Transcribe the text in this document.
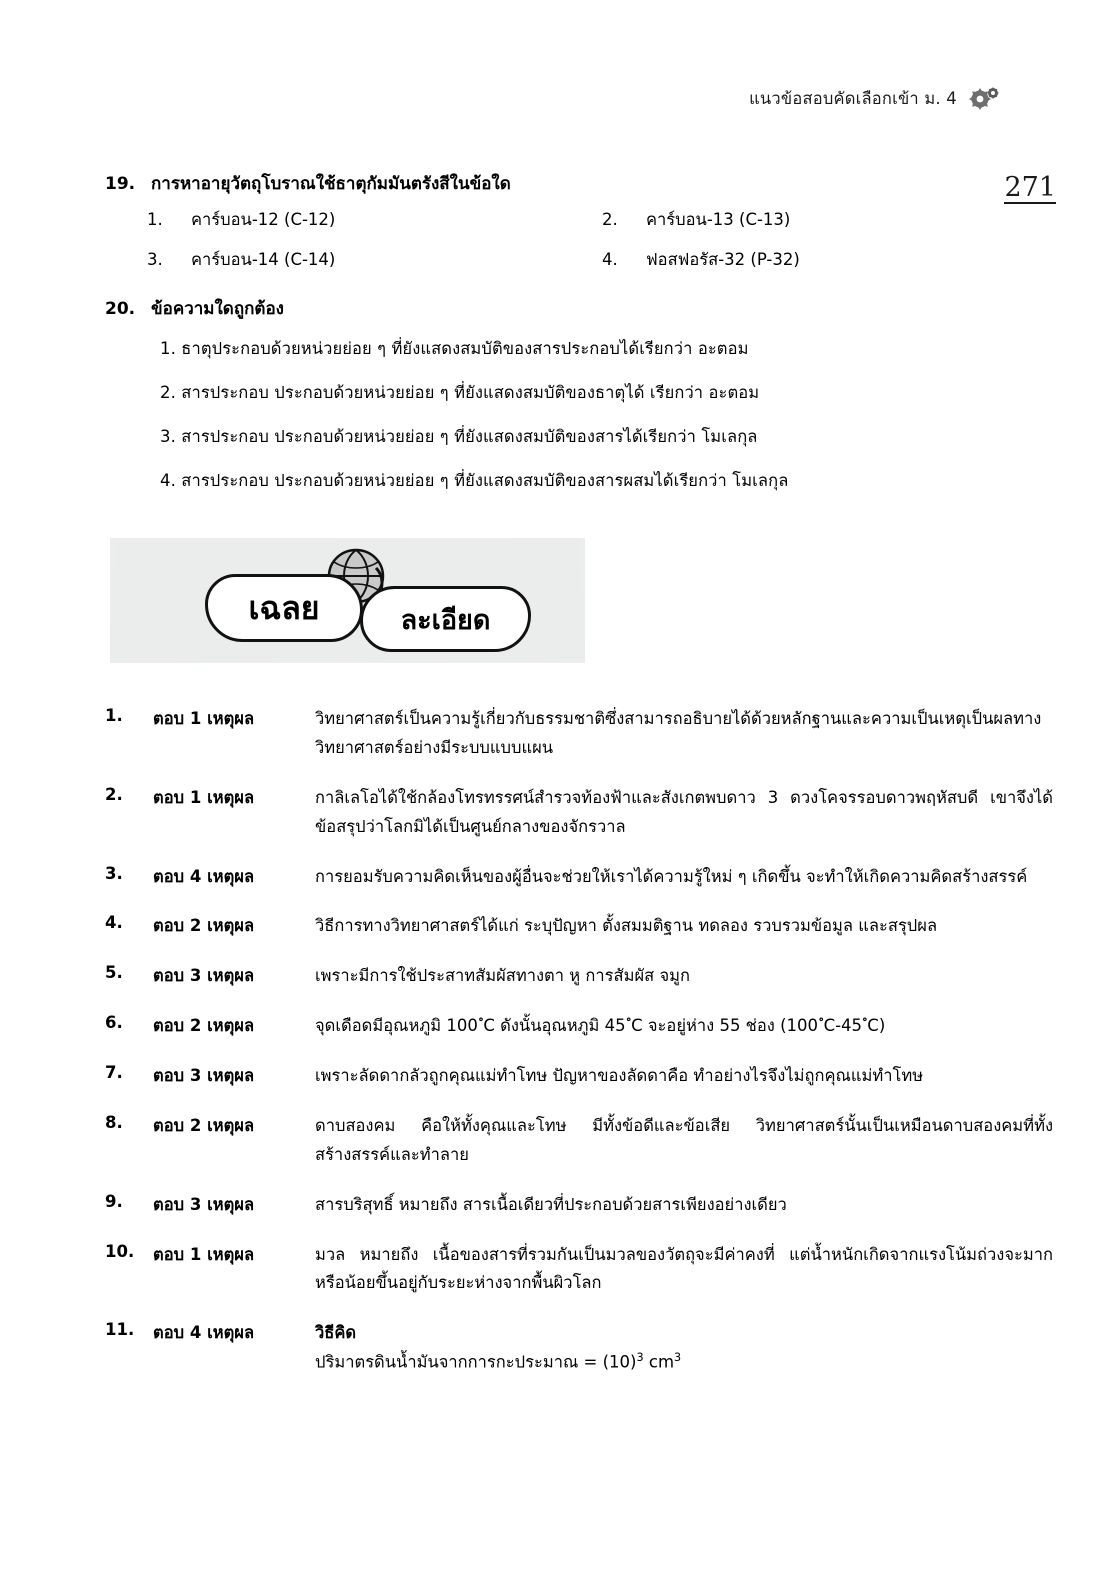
แนวข้อสอบคัดเลือกเข้า ม. 4
271
19. การหาอายุวัตถุโบราณใช้ธาตุกัมมันตรังสีในข้อใด
1.	คาร์บอน-12 (C-12)	2.	คาร์บอน-13 (C-13)
3.	คาร์บอน-14 (C-14)	4.	ฟอสฟอรัส-32 (P-32)
20. ข้อความใดถูกต้อง
1. ธาตุประกอบด้วยหน่วยย่อย ๆ ที่ยังแสดงสมบัติของสารประกอบได้เรียกว่า อะตอม
2. สารประกอบ ประกอบด้วยหน่วยย่อย ๆ ที่ยังแสดงสมบัติของธาตุได้ เรียกว่า อะตอม
3. สารประกอบ ประกอบด้วยหน่วยย่อย ๆ ที่ยังแสดงสมบัติของสารได้เรียกว่า โมเลกุล
4. สารประกอบ ประกอบด้วยหน่วยย่อย ๆ ที่ยังแสดงสมบัติของสารผสมได้เรียกว่า โมเลกุล
เฉลย	ละเอียด
1.	ตอบ 1 เหตุผล	วิทยาศาสตร์เป็นความรู้เกี่ยวกับธรรมชาติซึ่งสามารถอธิบายได้ด้วยหลักฐานและความเป็นเหตุเป็นผลทางวิทยาศาสตร์อย่างมีระบบแบบแผน
2.	ตอบ 1 เหตุผล	กาลิเลโอได้ใช้กล้องโทรทรรศน์สำรวจท้องฟ้าและสังเกตพบดาว 3 ดวงโคจรรอบดาวพฤหัสบดี เขาจึงได้ข้อสรุปว่าโลกมิได้เป็นศูนย์กลางของจักรวาล
3.	ตอบ 4 เหตุผล	การยอมรับความคิดเห็นของผู้อื่นจะช่วยให้เราได้ความรู้ใหม่ ๆ เกิดขึ้น จะทำให้เกิดความคิดสร้างสรรค์
4.	ตอบ 2 เหตุผล	วิธีการทางวิทยาศาสตร์ได้แก่ ระบุปัญหา ตั้งสมมติฐาน ทดลอง รวบรวมข้อมูล และสรุปผล
5.	ตอบ 3 เหตุผล	เพราะมีการใช้ประสาทสัมผัสทางตา หู การสัมผัส จมูก
6.	ตอบ 2 เหตุผล	จุดเดือดมีอุณหภูมิ 100 ํC ดังนั้นอุณหภูมิ 45 ํC จะอยู่ห่าง 55 ช่อง (100 ํC-45 ํC)
7.	ตอบ 3 เหตุผล	เพราะลัดดากลัวถูกคุณแม่ทำโทษ ปัญหาของลัดดาคือ ทำอย่างไรจึงไม่ถูกคุณแม่ทำโทษ
8.	ตอบ 2 เหตุผล	ดาบสองคม คือให้ทั้งคุณและโทษ มีทั้งข้อดีและข้อเสีย วิทยาศาสตร์นั้นเป็นเหมือนดาบสองคมที่ทั้งสร้างสรรค์และทำลาย
9.	ตอบ 3 เหตุผล	สารบริสุทธิ์ หมายถึง สารเนื้อเดียวที่ประกอบด้วยสารเพียงอย่างเดียว
10.	ตอบ 1 เหตุผล	มวล หมายถึง เนื้อของสารที่รวมกันเป็นมวลของวัตถุจะมีค่าคงที่ แต่น้ำหนักเกิดจากแรงโน้มถ่วงจะมากหรือน้อยขึ้นอยู่กับระยะห่างจากพื้นผิวโลก
11.	ตอบ 4 เหตุผล	วิธีคิด
ปริมาตรดินน้ำมันจากการกะประมาณ = $(10)^3$ $cm^3$
